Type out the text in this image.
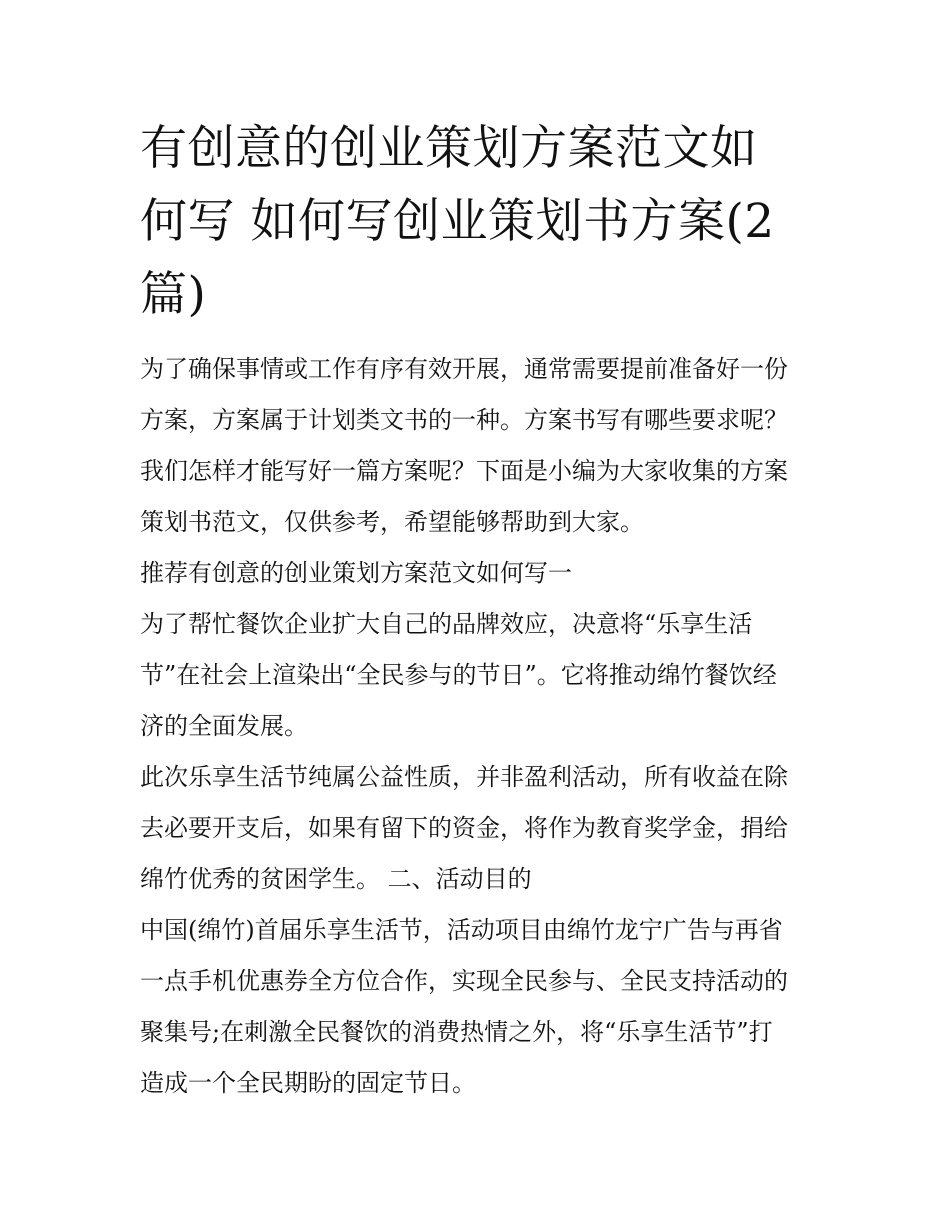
有创意的创业策划方案范文如
何写 如何写创业策划书方案(2
篇)
为了确保事情或工作有序有效开展，通常需要提前准备好一份
方案，方案属于计划类文书的一种。方案书写有哪些要求呢？
我们怎样才能写好一篇方案呢？下面是小编为大家收集的方案
策划书范文，仅供参考，希望能够帮助到大家。
推荐有创意的创业策划方案范文如何写一
为了帮忙餐饮企业扩大自己的品牌效应，决意将“乐享生活
节”在社会上渲染出“全民参与的节日”。它将推动绵竹餐饮经
济的全面发展。
此次乐享生活节纯属公益性质，并非盈利活动，所有收益在除
去必要开支后，如果有留下的资金，将作为教育奖学金，捐给
绵竹优秀的贫困学生。 二、活动目的
中国(绵竹)首届乐享生活节，活动项目由绵竹龙宁广告与再省
一点手机优惠券全方位合作，实现全民参与、全民支持活动的
聚集号;在刺激全民餐饮的消费热情之外，将“乐享生活节”打
造成一个全民期盼的固定节日。
